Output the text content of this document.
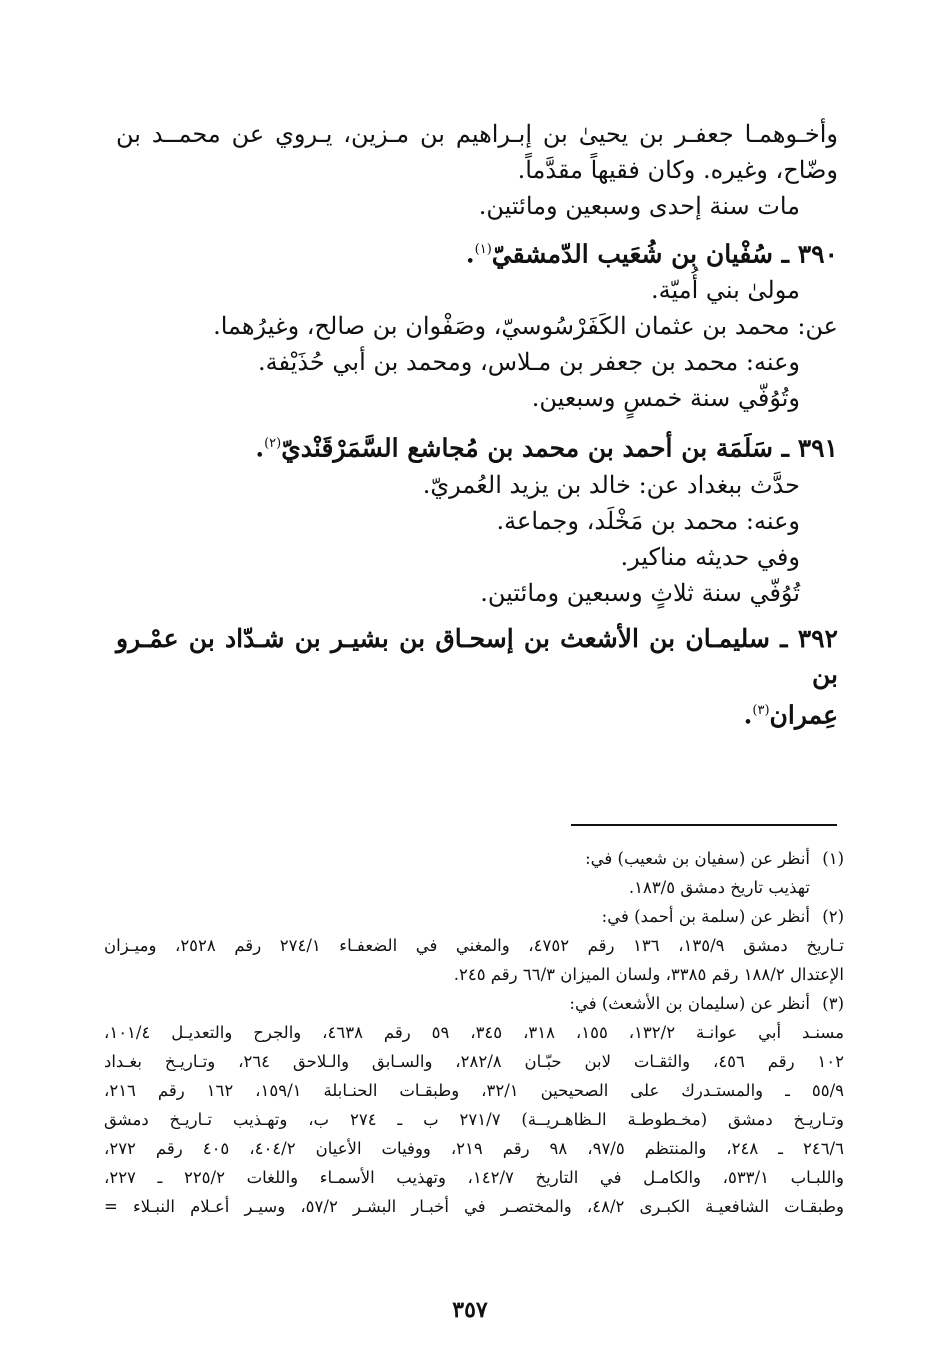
وأخـوهمـا جعفـر بن يحيىٰ بن إبـراهيم بن مـزين، يـروي عن محمــد بن

وضّاح، وغيره. وكان فقيهاً مقدَّماً.

مات سنة إحدى وسبعين ومائتين.

٣٩٠ ـ سُفْيان بن شُعَيب الدّمشقيّ$^{(١)}$.

مولىٰ بني أُميّة.

عن: محمد بن عثمان الكَفَرْسُوسيّ، وصَفْوان بن صالح، وغيرُهما.

وعنه: محمد بن جعفر بن مـلاس، ومحمد بن أبي حُذَيْفة.

وتُوُفّي سنة خمسٍ وسبعين.

٣٩١ ـ سَلَمَة بن أحمد بن محمد بن مُجاشع السَّمَرْقَنْديّ$^{(٢)}$.

حدَّث ببغداد عن: خالد بن يزيد العُمريّ.

وعنه: محمد بن مَخْلَد، وجماعة.

وفي حديثه مناكير.

تُوُفّي سنة ثلاثٍ وسبعين ومائتين.

٣٩٢ ـ سليمـان بن الأشعث بن إسحـاق بن بشيـر بن شـدّاد بن عمْـرو بن

عِمران$^{(٣)}$.

(١)أنظر عن (سفيان بن شعيب) في:

تهذيب تاريخ دمشق ١٨٣/٥.

(٢)أنظر عن (سلمة بن أحمد) في:

تـاريخ دمشق ١٣٥/٩، ١٣٦ رقم ٤٧٥٢، والمغني في الضعفـاء ٢٧٤/١ رقم ٢٥٢٨، وميـزان

الإعتدال ١٨٨/٢ رقم ٣٣٨٥، ولسان الميزان ٦٦/٣ رقم ٢٤٥.

(٣)أنظر عن (سليمان بن الأشعث) في:

مسنـد أبي عوانـة ١٣٢/٢، ١٥٥، ٣١٨، ٣٤٥، ٥٩ رقم ٤٦٣٨، والجرح والتعديـل ١٠١/٤،

١٠٢ رقم ٤٥٦، والثقـات لابن حبّـان ٢٨٢/٨، والسـابق والـلاحق ٢٦٤، وتـاريـخ بغـداد

٥٥/٩ ـ والمستـدرك على الصحيحين ٣٢/١، وطبقـات الحنـابلة ١٥٩/١، ١٦٢ رقم ٢١٦،

وتـاريـخ دمشق (مخـطوطـة الـظاهـريــة) ٢٧١/٧ ب ـ ٢٧٤ ب، وتهـذيب تـاريـخ دمشق

٢٤٦/٦ ـ ٢٤٨، والمنتظم ٩٧/٥، ٩٨ رقم ٢١٩، ووفيات الأعيان ٤٠٤/٢، ٤٠٥ رقم ٢٧٢،

واللبـاب ٥٣٣/١، والكامـل في التاريخ ١٤٢/٧، وتهذيب الأسمـاء واللغات ٢٢٥/٢ ـ ٢٢٧،

وطبقـات الشافعيـة الكبـرى ٤٨/٢، والمختصـر في أخبـار البشـر ٥٧/٢، وسيـر أعـلام النبـلاء =

٣٥٧
